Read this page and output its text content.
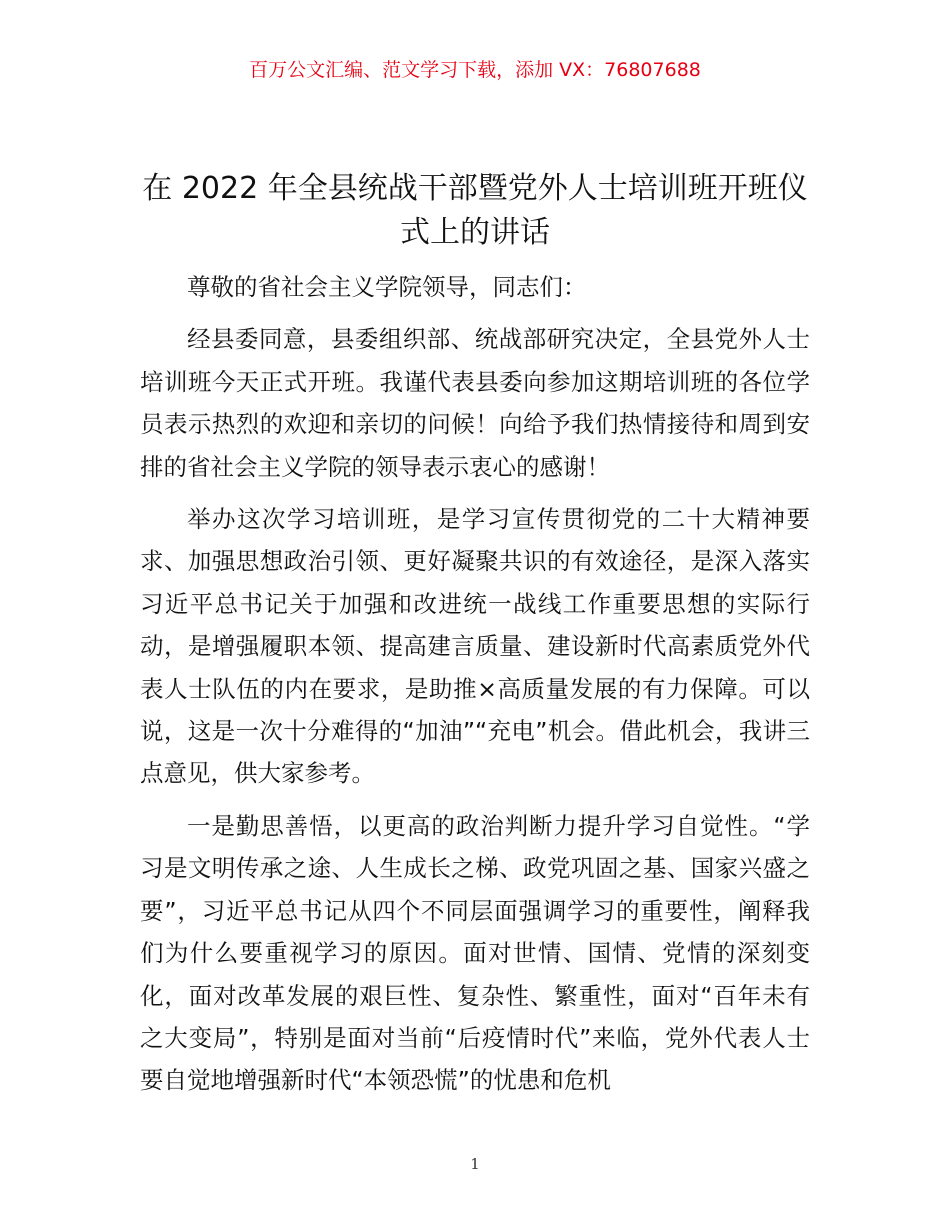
百万公文汇编、范文学习下载，添加 VX：76807688
在 2022 年全县统战干部暨党外人士培训班开班仪式上的讲话

尊敬的省社会主义学院领导，同志们：

经县委同意，县委组织部、统战部研究决定，全县党外人士培训班今天正式开班。我谨代表县委向参加这期培训班的各位学员表示热烈的欢迎和亲切的问候！向给予我们热情接待和周到安排的省社会主义学院的领导表示衷心的感谢！

举办这次学习培训班，是学习宣传贯彻党的二十大精神要求、加强思想政治引领、更好凝聚共识的有效途径，是深入落实习近平总书记关于加强和改进统一战线工作重要思想的实际行动，是增强履职本领、提高建言质量、建设新时代高素质党外代表人士队伍的内在要求，是助推×高质量发展的有力保障。可以说，这是一次十分难得的“加油”“充电”机会。借此机会，我讲三点意见，供大家参考。

一是勤思善悟，以更高的政治判断力提升学习自觉性。“学习是文明传承之途、人生成长之梯、政党巩固之基、国家兴盛之要”，习近平总书记从四个不同层面强调学习的重要性，阐释我们为什么要重视学习的原因。面对世情、国情、党情的深刻变化，面对改革发展的艰巨性、复杂性、繁重性，面对“百年未有之大变局”，特别是面对当前“后疫情时代”来临，党外代表人士要自觉地增强新时代“本领恐慌”的忧患和危机

1
